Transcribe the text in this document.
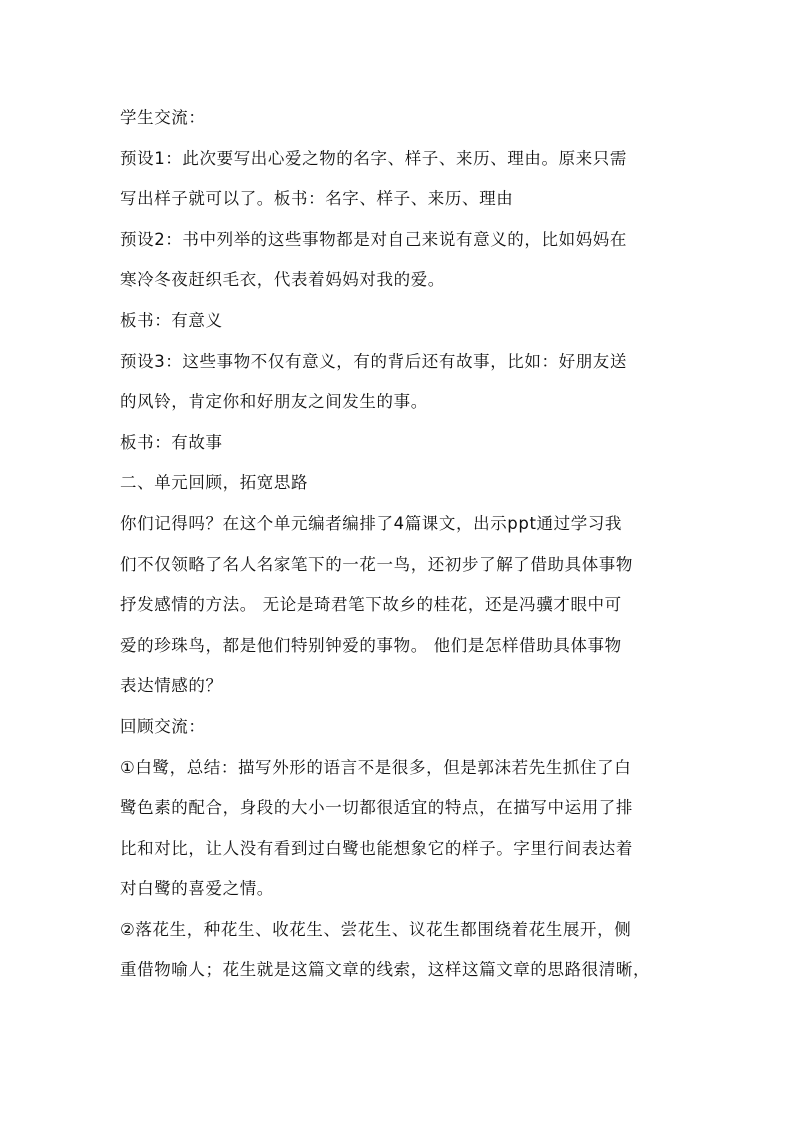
学生交流：
预设1：此次要写出心爱之物的名字、样子、来历、理由。原来只需
写出样子就可以了。板书：名字、样子、来历、理由
预设2：书中列举的这些事物都是对自己来说有意义的，比如妈妈在
寒冷冬夜赶织毛衣，代表着妈妈对我的爱。
板书：有意义
预设3：这些事物不仅有意义，有的背后还有故事，比如：好朋友送
的风铃，肯定你和好朋友之间发生的事。
板书：有故事
二、单元回顾，拓宽思路
你们记得吗？在这个单元编者编排了4篇课文，出示ppt通过学习我
们不仅领略了名人名家笔下的一花一鸟，还初步了解了借助具体事物
抒发感情的方法。 无论是琦君笔下故乡的桂花，还是冯骥才眼中可
爱的珍珠鸟，都是他们特别钟爱的事物。 他们是怎样借助具体事物
表达情感的？
回顾交流：
①白鹭，总结：描写外形的语言不是很多，但是郭沫若先生抓住了白
鹭色素的配合，身段的大小一切都很适宜的特点，在描写中运用了排
比和对比，让人没有看到过白鹭也能想象它的样子。字里行间表达着
对白鹭的喜爱之情。
②落花生，种花生、收花生、尝花生、议花生都围绕着花生展开，侧
重借物喻人；花生就是这篇文章的线索，这样这篇文章的思路很清晰，
